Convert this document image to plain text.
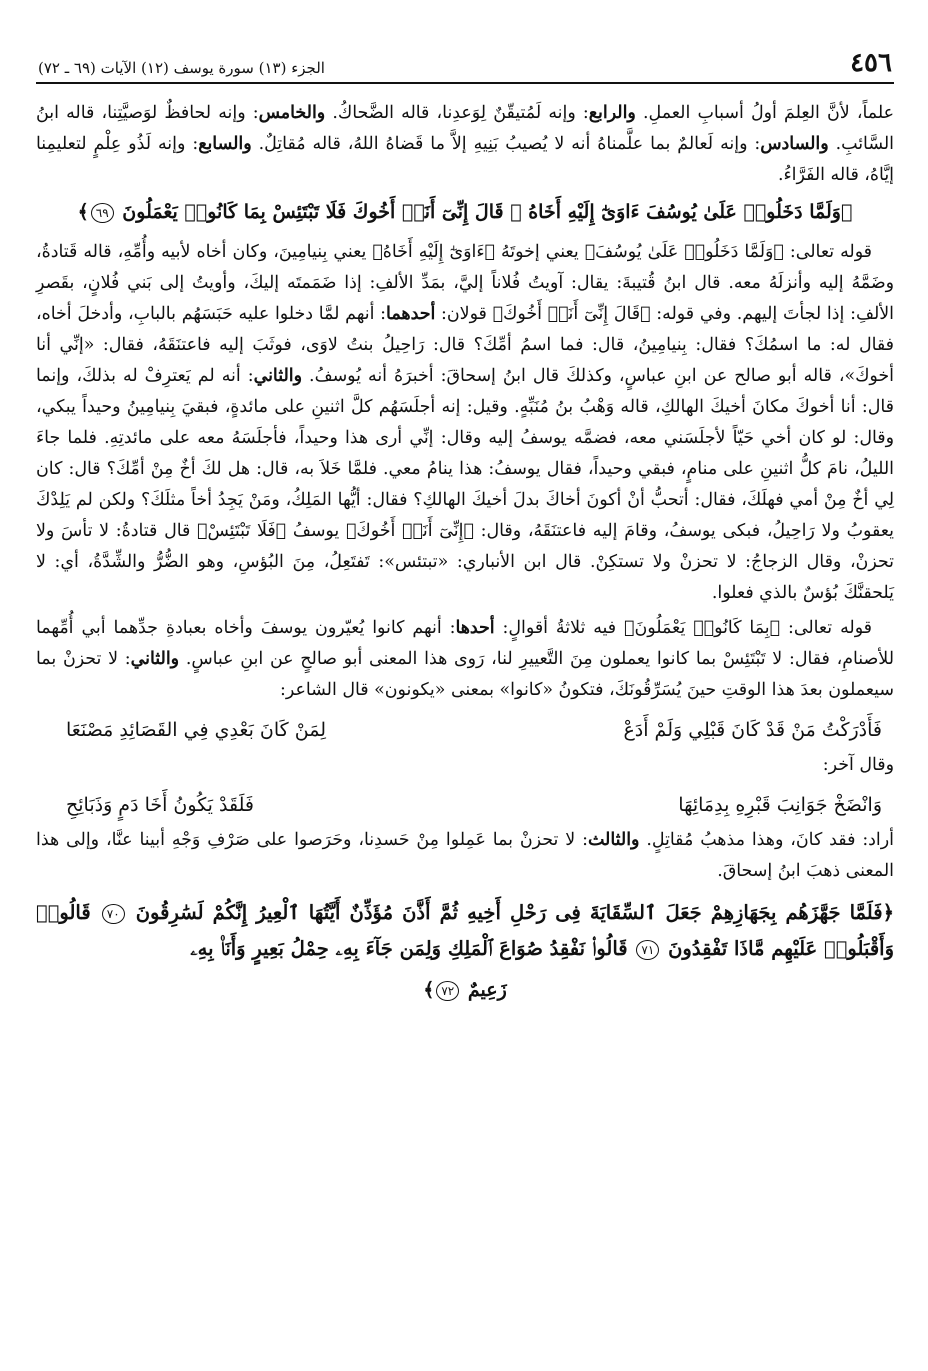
٤٥٦
الجزء (١٣) سورة يوسف (١٢) الآيات (٦٩ ـ ٧٢)

علماً، لأنَّ العِلمَ أولُ أسبابِ العملِ. والرابع: وإنه لَمُتيقّنٌ لِوَعدِنا، قاله الضَّحاكُ. والخامس: وإنه لحافظٌ لوَصيَّتِنا، قاله ابنُ السَّائبِ. والسادس: وإنه لَعالمٌ بما علَّمناهُ أنه لا يُصيبُ بَنِيهِ إلاَّ ما قَضاهُ اللهُ، قاله مُقاتِلٌ. والسابع: وإنه لَذُو عِلْمٍ لتعليمِنا إيَّاهُ، قاله الفَرَّاءُ.

﴿وَلَمَّا دَخَلُوا۟ عَلَىٰ يُوسُفَ ءَاوَىٰٓ إِلَيْهِ أَخَاهُ ۖ قَالَ إِنِّىٓ أَنَا۠ أَخُوكَ فَلَا تَبْتَئِسْ بِمَا كَانُوا۟ يَعْمَلُونَ ٦٩﴾

قوله تعالى: ﴿وَلَمَّا دَخَلُوا۟ عَلَىٰ يُوسُفَ﴾ يعني إخوتَهُ ﴿ءَاوَىٰٓ إِلَيْهِ أَخَاهُ﴾ يعني بِنيامِينَ، وكان أخاه لأبيه وأُمِّهِ، قاله قَتادةُ، وضَمَّهُ إليه وأنزلَهُ معه. قال ابنُ قُتيبةَ: يقال: آويتُ فُلاناً إليَّ، بمَدِّ الألفِ: إذا ضَمَمتَه إليكَ، وأويتُ إلى بَني فُلانٍ، بقَصرِ الألفِ: إذا لجأتَ إليهم. وفي قوله: ﴿قَالَ إِنِّىٓ أَنَا۠ أَخُوكَ﴾ قولان: أحدهما: أنهم لمَّا دخلوا عليه حَبَسَهُم بالبابِ، وأدخلَ أخاه، فقال له: ما اسمُكَ؟ فقال: بِنيامِينُ، قال: فما اسمُ أمِّكَ؟ قال: رَاحِيلُ بنتُ لاوَى، فوثَبَ إليه فاعتنَقَهُ، فقال: «إنِّي أنا أخوكَ»، قاله أبو صالح عن ابنِ عباسٍ، وكذلكَ قال ابنُ إسحاقَ: أخبرَهُ أنه يُوسفُ. والثاني: أنه لم يَعترِفْ له بذلكَ، وإنما قال: أنا أخوكَ مكانَ أخيكَ الهالكِ، قاله وَهْبُ بنُ مُنَبِّهٍ. وقيل: إنه أجلَسَهُم كلَّ اثنينِ على مائدةٍ، فبقيَ بِنيامِينُ وحيداً يبكي، وقال: لو كان أخي حَيّاً لأجلَسَني معه، فضمَّه يوسفُ إليه وقال: إنِّي أرى هذا وحيداً، فأجلَسَهُ معه على مائدتِهِ. فلما جاءَ الليلُ، نامَ كلُّ اثنينِ على منامٍ، فبقي وحيداً، فقال يوسفُ: هذا ينامُ معي. فلمَّا خَلاَ به، قال: هل لكَ أخٌ مِنْ أمِّكَ؟ قال: كان لِي أخٌ مِنْ أمي فهلَكَ، فقال: أتحبُّ أنْ أكونَ أخاكَ بدلَ أخيكَ الهالكِ؟ فقال: أيُّها المَلِكُ، ومَنْ يَجِدُ أخاً مثلَكَ؟ ولكن لم يَلِدْكَ يعقوبُ ولا رَاحِيلُ، فبكى يوسفُ، وقامَ إليه فاعتنَقَهُ، وقال: ﴿إِنِّىٓ أَنَا۠ أَخُوكَ﴾ يوسفُ ﴿فَلَا تَبْتَئِسْ﴾ قال قتادةُ: لا تأسَ ولا تحزنْ، وقال الزجاجُ: لا تحزنْ ولا تستكِنْ. قال ابن الأنباري: «تبتئس»: تَفتَعِلُ، مِنَ البُؤسِ، وهو الضُّرُّ والشِّدَّةُ، أي: لا يَلحقنَّكَ بُؤسٌ بالذي فعلوا.

قوله تعالى: ﴿بِمَا كَانُوا۟ يَعْمَلُونَ﴾ فيه ثلاثةُ أقوالٍ: أحدها: أنهم كانوا يُعيّرون يوسفَ وأخاه بعبادةِ جدِّهما أبي أُمِّهما للأصنامِ، فقال: لا تَبْتَئِسْ بما كانوا يعملون مِنَ التَّعييرِ لنا، رَوى هذا المعنى أبو صالحٍ عن ابنِ عباسٍ. والثاني: لا تحزنْ بما سيعملون بعدَ هذا الوقتِ حينَ يُسَرِّقُونَكَ، فتكونُ «كانوا» بمعنى «يكونون» قال الشاعر:

فَأَدْرَكْتُ مَنْ قَدْ كَانَ قَبْلِي وَلَمْ أَدَعْ
لِمَنْ كَانَ بَعْدِي فِي القَصَائِدِ مَصْنَعَا

وقال آخر:

وَانْضَخْ جَوَانِبَ قَبْرِهِ بِدِمَائِهَا
فَلَقَدْ يَكُونُ أَخَا دَمٍ وَذَبَائِحِ

أراد: فقد كانَ، وهذا مذهبُ مُقاتِلٍ. والثالث: لا تحزنْ بما عَمِلوا مِنْ حَسدِنا، وحَرَصوا على صَرْفِ وَجْهِ أبينا عنَّا، وإلى هذا المعنى ذهبَ ابنُ إسحاقَ.

﴿فَلَمَّا جَهَّزَهُم بِجَهَازِهِمْ جَعَلَ ٱلسِّقَايَةَ فِى رَحْلِ أَخِيهِ ثُمَّ أَذَّنَ مُؤَذِّنٌ أَيَّتُهَا ٱلْعِيرُ إِنَّكُمْ لَسَٰرِقُونَ ٧٠ قَالُوا۟ وَأَقْبَلُوا۟ عَلَيْهِم مَّاذَا تَفْقِدُونَ ٧١ قَالُوا۟ نَفْقِدُ صُوَاعَ ٱلْمَلِكِ وَلِمَن جَآءَ بِهِۦ حِمْلُ بَعِيرٍ وَأَنَا۠ بِهِۦ
زَعِيمٌ ٧٢﴾
